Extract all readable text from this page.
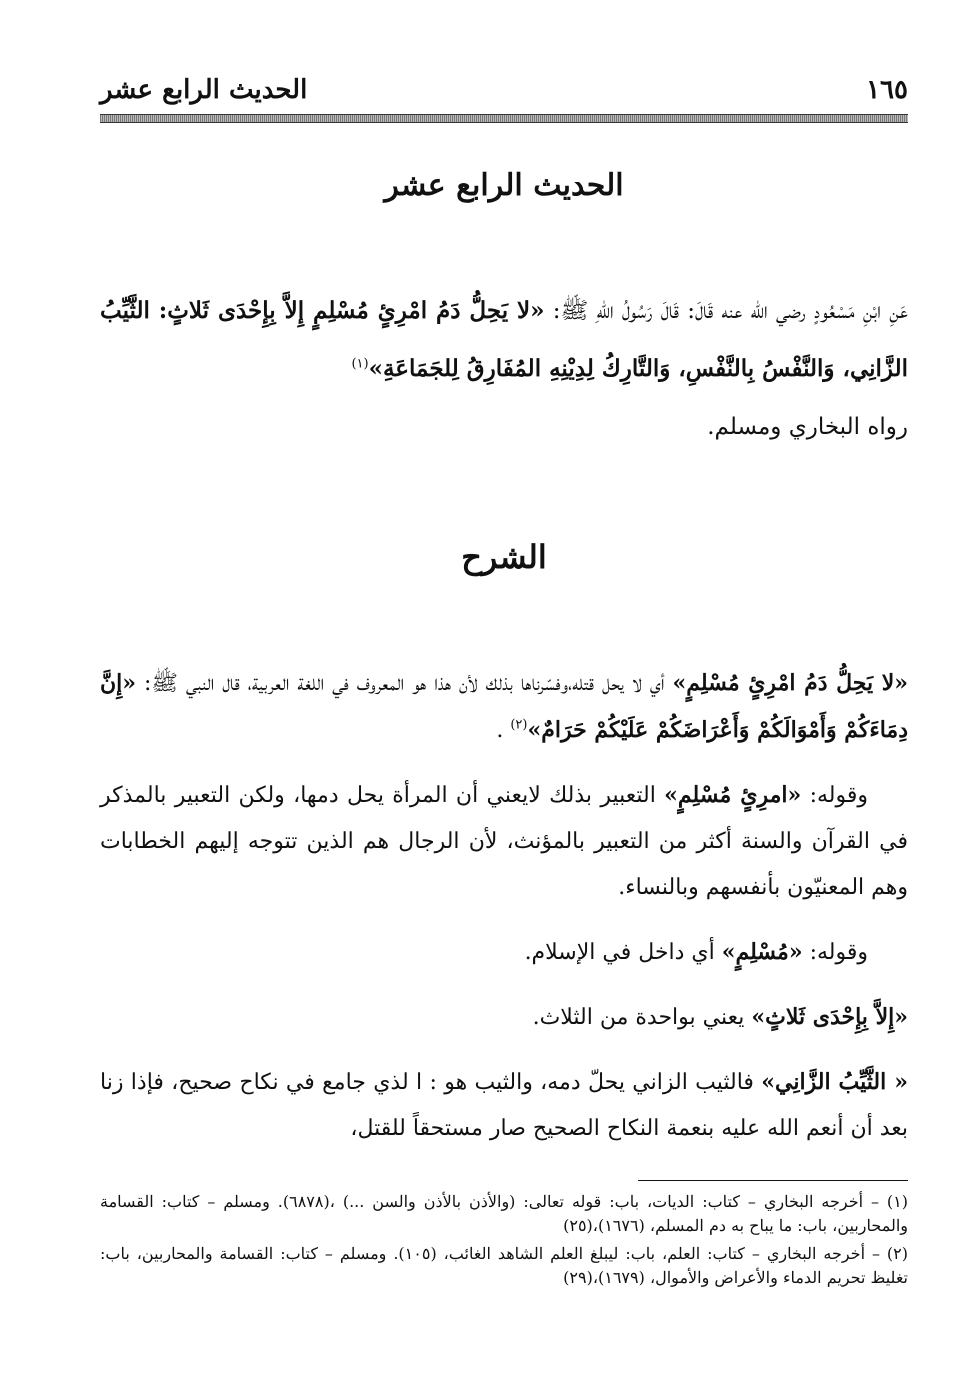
١٦٥
الحديث الرابع عشر
الحديث الرابع عشر
عَنِ ابْنِ مَسْعُودٍ رضي الله عنه قَالَ: قَالَ رَسُولُ اللهِ ﷺ: «لا يَحِلُّ دَمُ امْرِئٍ مُسْلِمٍ إِلاَّ بِإِحْدَى ثَلاثٍ: الثَّيِّبُ الزَّانِي، وَالنَّفْسُ بِالنَّفْسِ، وَالتَّارِكُ لِدِيْنِهِ المُفَارِقُ لِلجَمَاعَةِ»$^{(١)}$
رواه البخاري ومسلم.
الشرح

«لا يَحِلُّ دَمُ امْرِئٍ مُسْلِمٍ» أي لا يحل قتله،وفسّرناها بذلك لأن هذا هو المعروف في اللغة العربية، قال النبي ﷺ: «إِنَّ دِمَاءَكُمْ وَأَمْوَالَكُمْ وَأَعْرَاضَكُمْ عَلَيْكُمْ حَرَامٌ»$^{(٢)}$ .

وقوله: «امرِئٍ مُسْلِمٍ» التعبير بذلك لايعني أن المرأة يحل دمها، ولكن التعبير بالمذكر في القرآن والسنة أكثر من التعبير بالمؤنث، لأن الرجال هم الذين تتوجه إليهم الخطابات وهم المعنيّون بأنفسهم وبالنساء.

وقوله: «مُسْلِمٍ» أي داخل في الإسلام.

«إِلاَّ بِإِحْدَى ثَلاثٍ» يعني بواحدة من الثلاث.

« الثَّيِّبُ الزَّانِي» فالثيب الزاني يحلّ دمه، والثيب هو : ا لذي جامع في نكاح صحيح، فإذا زنا بعد أن أنعم الله عليه بنعمة النكاح الصحيح صار مستحقاً للقتل،

(١) – أخرجه البخاري – كتاب: الديات، باب: قوله تعالى: (والأذن بالأذن والسن ...) ،(٦٨٧٨). ومسلم – كتاب: القسامة والمحاربين، باب: ما يباح به دم المسلم، (١٦٧٦)،(٢٥)

(٢) – أخرجه البخاري – كتاب: العلم، باب: ليبلغ العلم الشاهد الغائب، (١٠٥). ومسلم – كتاب: القسامة والمحاربين، باب: تغليظ تحريم الدماء والأعراض والأموال، (١٦٧٩)،(٢٩)
